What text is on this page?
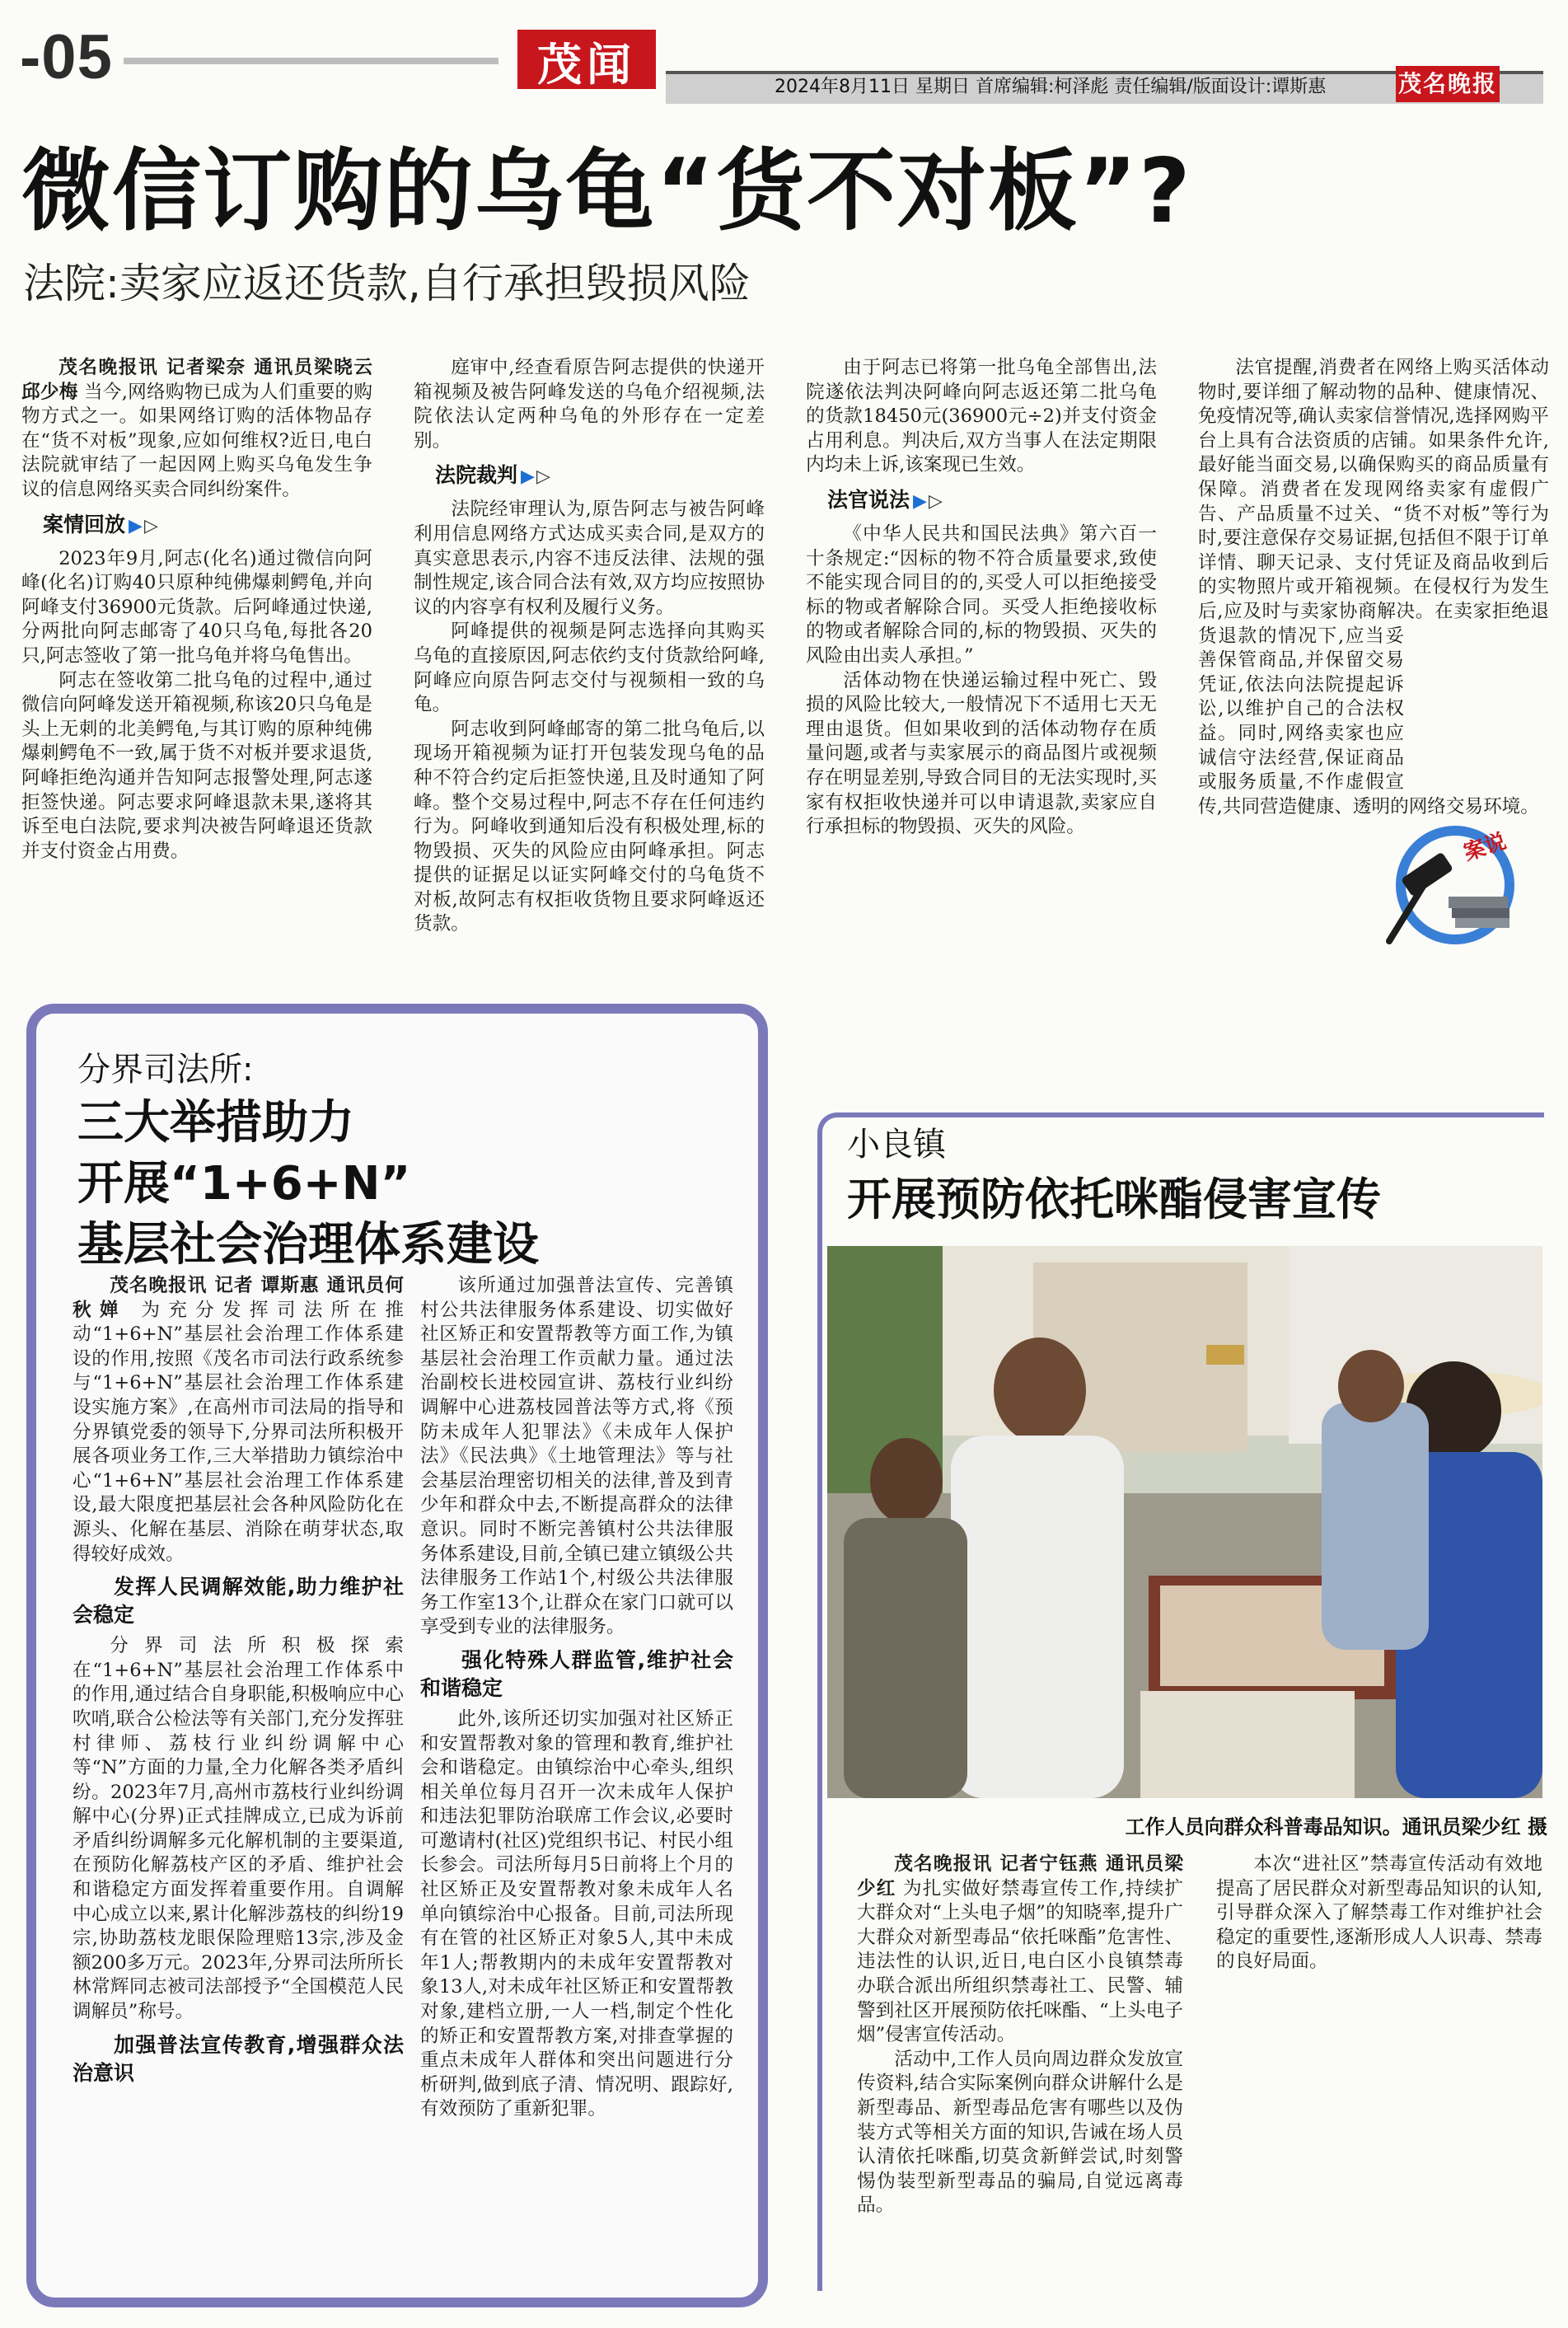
-05	茂闻	2024年8月11日 星期日 首席编辑:柯泽彪 责任编辑/版面设计:谭斯惠	茂名晚报
微信订购的乌龟“货不对板”?
法院:卖家应返还货款,自行承担毁损风险

茂名晚报讯 记者梁奈 通讯员梁晓云 邱少梅 当今,网络购物已成为人们重要的购物方式之一。如果网络订购的活体物品存在“货不对板”现象,应如何维权?近日,电白法院就审结了一起因网上购买乌龟发生争议的信息网络买卖合同纠纷案件。

案情回放 ▶▷

2023年9月,阿志(化名)通过微信向阿峰(化名)订购40只原种纯佛爆刺鳄龟,并向阿峰支付36900元货款。后阿峰通过快递,分两批向阿志邮寄了40只乌龟,每批各20只,阿志签收了第一批乌龟并将乌龟售出。

阿志在签收第二批乌龟的过程中,通过微信向阿峰发送开箱视频,称该20只乌龟是头上无刺的北美鳄龟,与其订购的原种纯佛爆刺鳄龟不一致,属于货不对板并要求退货,阿峰拒绝沟通并告知阿志报警处理,阿志遂拒签快递。阿志要求阿峰退款未果,遂将其诉至电白法院,要求判决被告阿峰退还货款并支付资金占用费。

庭审中,经查看原告阿志提供的快递开箱视频及被告阿峰发送的乌龟介绍视频,法院依法认定两种乌龟的外形存在一定差别。

法院裁判 ▶▷

法院经审理认为,原告阿志与被告阿峰利用信息网络方式达成买卖合同,是双方的真实意思表示,内容不违反法律、法规的强制性规定,该合同合法有效,双方均应按照协议的内容享有权利及履行义务。

阿峰提供的视频是阿志选择向其购买乌龟的直接原因,阿志依约支付货款给阿峰,阿峰应向原告阿志交付与视频相一致的乌龟。

阿志收到阿峰邮寄的第二批乌龟后,以现场开箱视频为证打开包装发现乌龟的品种不符合约定后拒签快递,且及时通知了阿峰。整个交易过程中,阿志不存在任何违约行为。阿峰收到通知后没有积极处理,标的物毁损、灭失的风险应由阿峰承担。阿志提供的证据足以证实阿峰交付的乌龟货不对板,故阿志有权拒收货物且要求阿峰返还货款。

由于阿志已将第一批乌龟全部售出,法院遂依法判决阿峰向阿志返还第二批乌龟的货款18450元(36900元÷2)并支付资金占用利息。判决后,双方当事人在法定期限内均未上诉,该案现已生效。

法官说法 ▶▷

《中华人民共和国民法典》第六百一十条规定:“因标的物不符合质量要求,致使不能实现合同目的的,买受人可以拒绝接受标的物或者解除合同。买受人拒绝接收标的物或者解除合同的,标的物毁损、灭失的风险由出卖人承担。”

活体动物在快递运输过程中死亡、毁损的风险比较大,一般情况下不适用七天无理由退货。但如果收到的活体动物存在质量问题,或者与卖家展示的商品图片或视频存在明显差别,导致合同目的无法实现时,买家有权拒收快递并可以申请退款,卖家应自行承担标的物毁损、灭失的风险。

法官提醒,消费者在网络上购买活体动物时,要详细了解动物的品种、健康情况、免疫情况等,确认卖家信誉情况,选择网购平台上具有合法资质的店铺。如果条件允许,最好能当面交易,以确保购买的商品质量有保障。消费者在发现网络卖家有虚假广告、产品质量不过关、“货不对板”等行为时,要注意保存交易证据,包括但不限于订单详情、聊天记录、支付凭证及商品收到后的实物照片或开箱视频。在侵权行为发生后,应及时与卖家协商解决。在卖家拒绝退货退款的情况下,应当妥善保管商品,并保留交易凭证,依法向法院提起诉讼,以维护自己的合法权益。同时,网络卖家也应诚信守法经营,保证商品或服务质量,不作虚假宣传,共同营造健康、透明的网络交易环境。

案说
分界司法所:
三大举措助力
开展“1+6+N”
基层社会治理体系建设

茂名晚报讯 记者 谭斯惠 通讯员何秋婵 为充分发挥司法所在推动“1+6+N”基层社会治理工作体系建设的作用,按照《茂名市司法行政系统参与“1+6+N”基层社会治理工作体系建设实施方案》,在高州市司法局的指导和分界镇党委的领导下,分界司法所积极开展各项业务工作,三大举措助力镇综治中心“1+6+N”基层社会治理工作体系建设,最大限度把基层社会各种风险防化在源头、化解在基层、消除在萌芽状态,取得较好成效。

发挥人民调解效能,助力维护社会稳定

分界司法所积极探索在“1+6+N”基层社会治理工作体系中的作用,通过结合自身职能,积极响应中心吹哨,联合公检法等有关部门,充分发挥驻村律师、荔枝行业纠纷调解中心等“N”方面的力量,全力化解各类矛盾纠纷。2023年7月,高州市荔枝行业纠纷调解中心(分界)正式挂牌成立,已成为诉前矛盾纠纷调解多元化解机制的主要渠道,在预防化解荔枝产区的矛盾、维护社会和谐稳定方面发挥着重要作用。自调解中心成立以来,累计化解涉荔枝的纠纷19宗,协助荔枝龙眼保险理赔13宗,涉及金额200多万元。2023年,分界司法所所长林常辉同志被司法部授予“全国模范人民调解员”称号。

加强普法宣传教育,增强群众法治意识

该所通过加强普法宣传、完善镇村公共法律服务体系建设、切实做好社区矫正和安置帮教等方面工作,为镇基层社会治理工作贡献力量。通过法治副校长进校园宣讲、荔枝行业纠纷调解中心进荔枝园普法等方式,将《预防未成年人犯罪法》《未成年人保护法》《民法典》《土地管理法》等与社会基层治理密切相关的法律,普及到青少年和群众中去,不断提高群众的法律意识。同时不断完善镇村公共法律服务体系建设,目前,全镇已建立镇级公共法律服务工作站1个,村级公共法律服务工作室13个,让群众在家门口就可以享受到专业的法律服务。

强化特殊人群监管,维护社会和谐稳定

此外,该所还切实加强对社区矫正和安置帮教对象的管理和教育,维护社会和谐稳定。由镇综治中心牵头,组织相关单位每月召开一次未成年人保护和违法犯罪防治联席工作会议,必要时可邀请村(社区)党组织书记、村民小组长参会。司法所每月5日前将上个月的社区矫正及安置帮教对象未成年人名单向镇综治中心报备。目前,司法所现有在管的社区矫正对象5人,其中未成年1人;帮教期内的未成年安置帮教对象13人,对未成年社区矫正和安置帮教对象,建档立册,一人一档,制定个性化的矫正和安置帮教方案,对排查掌握的重点未成年人群体和突出问题进行分析研判,做到底子清、情况明、跟踪好,有效预防了重新犯罪。

小良镇
开展预防依托咪酯侵害宣传
工作人员向群众科普毒品知识。通讯员梁少红 摄

茂名晚报讯 记者宁钰燕 通讯员梁少红 为扎实做好禁毒宣传工作,持续扩大群众对“上头电子烟”的知晓率,提升广大群众对新型毒品“依托咪酯”危害性、违法性的认识,近日,电白区小良镇禁毒办联合派出所组织禁毒社工、民警、辅警到社区开展预防依托咪酯、“上头电子烟”侵害宣传活动。

活动中,工作人员向周边群众发放宣传资料,结合实际案例向群众讲解什么是新型毒品、新型毒品危害有哪些以及伪装方式等相关方面的知识,告诫在场人员认清依托咪酯,切莫贪新鲜尝试,时刻警惕伪装型新型毒品的骗局,自觉远离毒品。

本次“进社区”禁毒宣传活动有效地提高了居民群众对新型毒品知识的认知,引导群众深入了解禁毒工作对维护社会稳定的重要性,逐渐形成人人识毒、禁毒的良好局面。
